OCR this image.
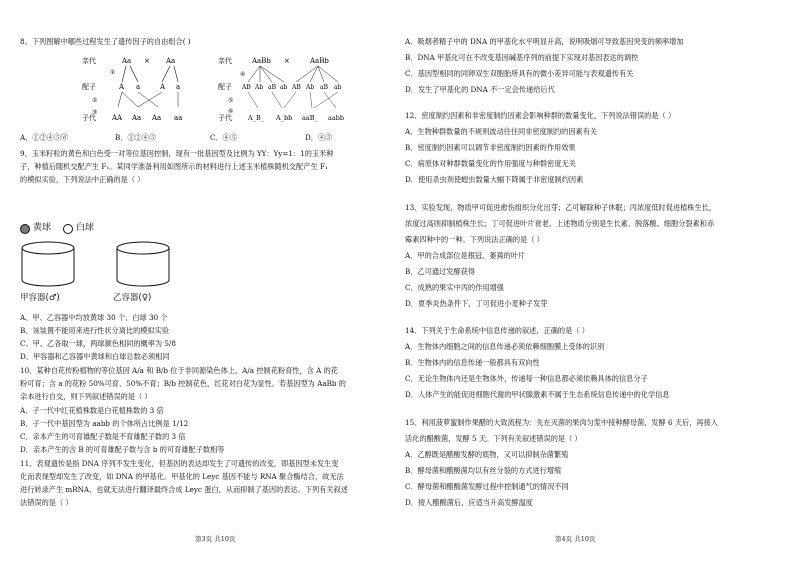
8、下列图解中哪些过程发生了遗传因子的自由组合( )
亲代	Aa × Aa
①
配子	A a	A a
②
③
子代 AA Aa Aa aa
亲代	AaBb ×	AaBb
④
配子 AB Ab aB ab AB Ab aB ab
⑤
⑥
子代 A_B_ A_bb aaB_ aabb
A．①②④⑤⑥	B．①②④⑤	C．④⑤	D．④⑤
9、玉米籽粒的黄色和白色受一对等位基因控制，现有一批基因型及比例为 YY：Yy=1：1的玉米种
子，种植后随机交配产生 F₁。某同学准备利用如图所示的材料进行上述玉米植株随机交配产生 F₁
的模拟实验，下列说法中正确的是（ ）
黄球	白球
甲容器(♂)	乙容器(♀)
A、甲、乙容器中均放黄球 30 个、白球 30 个
B、该装置不能用来进行性状分离比的模拟实验
C、甲、乙各取一球，两球颜色相同的概率为 5/8
D、甲容器和乙容器中黄球和白球总数必须相同
10、某种自花传粉植物的等位基因 A/a 和 B/b 位于非同源染色体上，A/a 控制花粉育性，含 A 的花
粉可育；含 a 的花粉 50%可育、50%不育；B/b 控制花色，红花对白花为显性。若基因型为 AaBb 的
亲本进行自交，则下列叙述错误的是（ ）
A．子一代中红花植株数是白花植株数的 3 倍
B．子一代中基因型为 aabb 的个体所占比例是 1/12
C．亲本产生的可育雄配子数是不育雄配子数的 3 倍
D．亲本产生的含 B 的可育雄配子数与含 b 的可育雄配子数相等
11、表观遗传是指 DNA 序列不发生变化，但基因的表达却发生了可遗传的改变，即基因型未发生变
化而表现型却发生了改变，如 DNA 的甲基化。甲基化的 Leyc 基因不能与 RNA 聚合酶结合，故无法
进行转录产生 mRNA，也就无法进行翻译最终合成 Leyc 蛋白，从而抑制了基因的表达。下列有关叙述
法错误的是（ ）
第3页 共10页
A．吸烟者精子中的 DNA 的甲基化水平明显升高，说明吸烟可导致基因突变的频率增加
B．DNA 甲基化可在不改变基因碱基序列的前提下实现对基因表达的调控
C．基因型相同的同卵双生双胞胎所具有的微小差异可能与表观遗传有关
D．发生了甲基化的 DNA 不一定会传递给后代
12、密度制约因素和非密度制约因素会影响种群的数量变化，下列说法错误的是（ ）
A．生物种群数量的不规则波动往往同非密度制约的因素有关
B．密度制约因素可以调节非密度制约因素的作用效果
C．病原体对种群数量变化的作用强度与种群密度无关
D．使用杀虫剂使蝗虫数量大幅下降属于非密度制约因素
13、实验发现，物质甲可促进愈伤组织分化出芽；乙可解除种子休眠；丙浓度低时促进植株生长，
浓度过高则抑制植株生长；丁可促进叶片衰老。上述物质分别是生长素、脱落酸、细胞分裂素和赤
霉素四种中的一种。下列说法正确的是（ ）
A．甲的合成部位是根冠、萎蔫的叶片
B．乙可通过发酵获得
C．成熟的果实中丙的作用增强
D．夏季炎热条件下，丁可促进小麦种子发芽
14、下列关于生命系统中信息传递的叙述，正确的是（ ）
A．生物体内细胞之间的信息传递必须依赖细胞膜上受体的识别
B．生物体内的信息传递一般都具有双向性
C．无论生物体内还是生物体外，传递每一种信息都必须依赖具体的信息分子
D．人体产生的能促进细胞代谢的甲状腺激素不属于生态系统信息传递中的化学信息
15、利用菠萝蜜制作果醋的大致流程为：先在灭菌的果肉匀浆中接种酵母菌，发酵 6 天后，再接入
活化的醋酸菌，发酵 5 天。下列有关叙述错误的是（ ）
A．乙醇既是醋酸发酵的底物，又可以抑制杂菌繁殖
B．酵母菌和醋酸菌均以有丝分裂的方式进行增殖
C．酵母菌和醋酸菌发酵过程中控制通气的情况不同
D．接入醋酸菌后，应适当升高发酵温度
第4页 共10页
